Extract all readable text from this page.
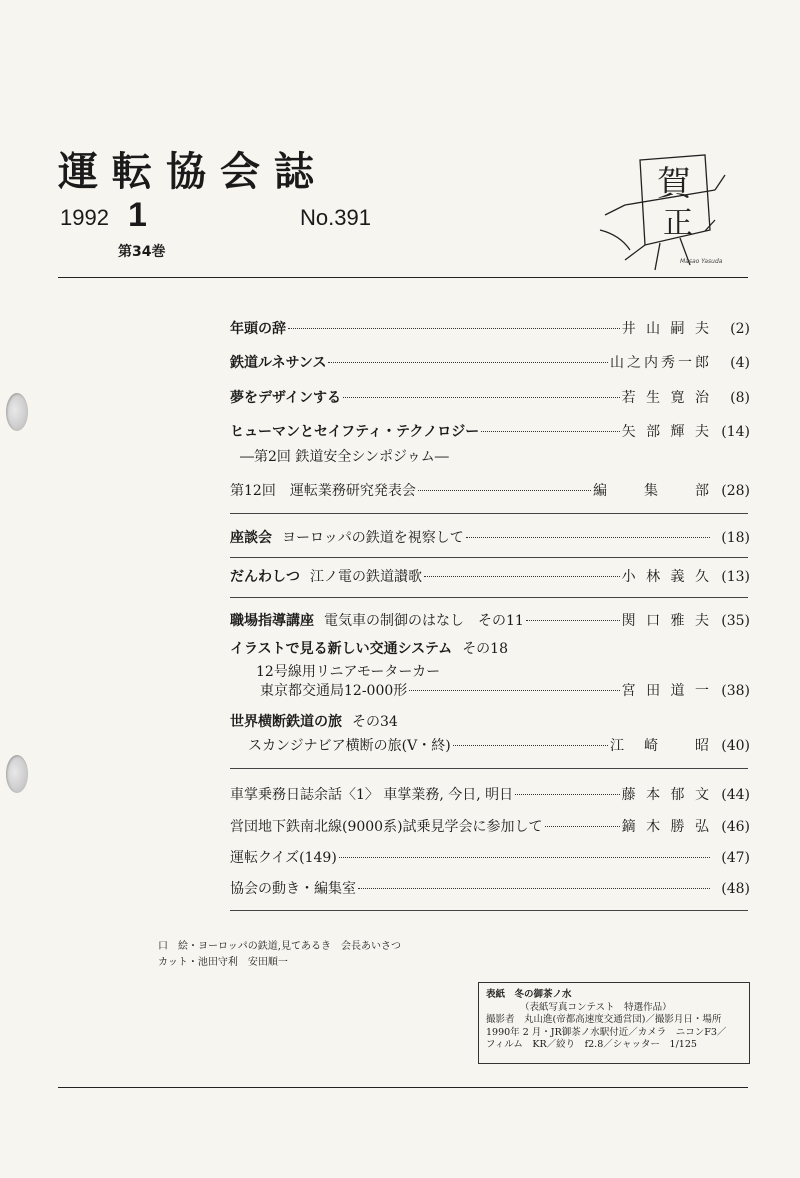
運転協会誌
1992 1	No.391
第34巻
賀
正
Masao Yasuda
年頭の辞	井 山 嗣 夫	(2)
鉄道ルネサンス	山之内秀一郎	(4)
夢をデザインする	若 生 寛 治	(8)
ヒューマンとセイフティ・テクノロジー	矢 部 輝 夫 (14)
―第2回 鉄道安全シンポジゥム―
第12回　運転業務研究発表会	編　　集　　部 (28)
座談会 ヨーロッパの鉄道を視察して	(18)
だんわしつ 江ノ電の鉄道讃歌	小 林 義 久 (13)
職場指導講座 電気車の制御のはなし　その11	関 口 雅 夫 (35)
イラストで見る新しい交通システム その18
12号線用リニアモーターカー
東京都交通局12-000形	宮 田 道 一 (38)
世界横断鉄道の旅 その34
スカンジナビア横断の旅(V・終)	江　崎　　昭 (40)
車掌乗務日誌余話〈1〉 車掌業務, 今日, 明日	藤 本 郁 文 (44)
営団地下鉄南北線(9000系)試乗見学会に参加して	鏑 木 勝 弘 (46)
運転クイズ(149)	(47)
協会の動き・編集室	(48)
口　絵・ヨーロッパの鉄道,見てあるき　会長あいさつ
カット・池田守利　安田順一
表紙　冬の御茶ノ水
（表紙写真コンテスト　特選作品）
撮影者　丸山進(帝都高速度交通営団)／撮影月日・場所
1990年 2 月・JR御茶ノ水駅付近／カメラ　ニコンF3／
フィルム　KR／絞り　f2.8／シャッター　1/125
